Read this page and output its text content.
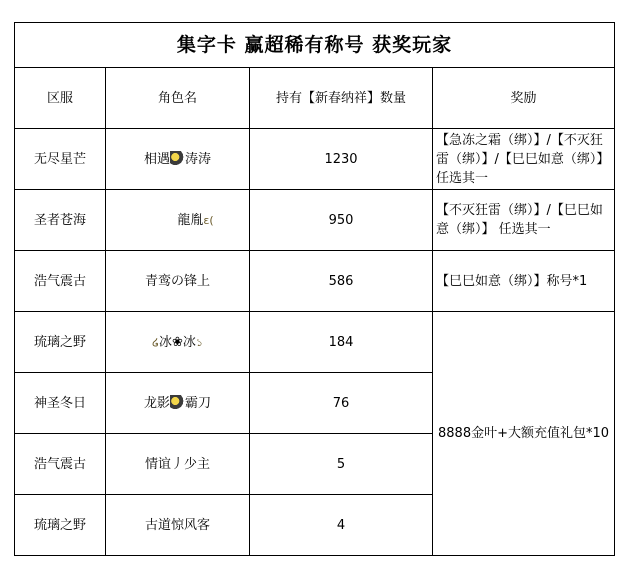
集字卡 赢超稀有称号 获奖玩家			
区服	角色名	持有【新春纳祥】数量	奖励
无尽星芒	相遇 涛涛	1230	【急冻之霜（绑）】/【不灭狂雷（绑）】/【巳巳如意（绑）】 任选其一
圣者苍海	龍胤ε(	950	【不灭狂雷（绑）】/【巳巳如意（绑）】 任选其一
浩气震古	青鸾の锋上	586	【巳巳如意（绑）】称号*1
琉璃之野	໒冰❀冰১	184	8888金叶+大额充值礼包*10
神圣冬日	龙影 霸刀	76	
浩气震古	情谊丿少主	5	
琉璃之野	古道惊风客	4	
